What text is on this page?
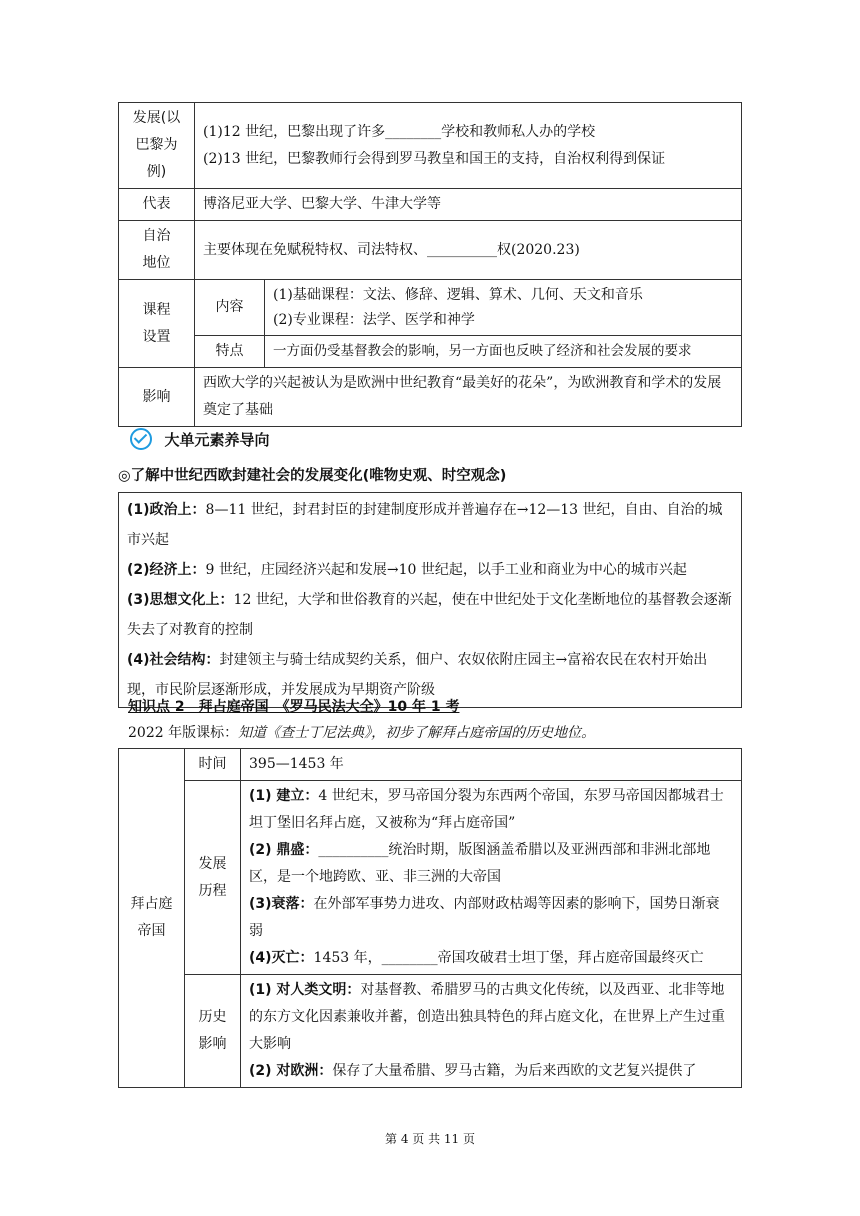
发展(以巴黎为例)	(1)12 世纪，巴黎出现了许多________学校和教师私人办的学校
(2)13 世纪，巴黎教师行会得到罗马教皇和国王的支持，自治权利得到保证	

代表	博洛尼亚大学、巴黎大学、牛津大学等	
自治地位	主要体现在免赋税特权、司法特权、__________权(2020.23)	
课程设置	内容	(1)基础课程：文法、修辞、逻辑、算术、几何、天文和音乐
(2)专业课程：法学、医学和神学

	特点	一方面仍受基督教会的影响，另一方面也反映了经济和社会发展的要求
影响	西欧大学的兴起被认为是欧洲中世纪教育“最美好的花朵”，为欧洲教育和学术的发展奠定了基础	
大单元素养导向
◎了解中世纪西欧封建社会的发展变化(唯物史观、时空观念)
(1)政治上：8—11 世纪，封君封臣的封建制度形成并普遍存在→12—13 世纪，自由、自治的城市兴起
(2)经济上：9 世纪，庄园经济兴起和发展→10 世纪起，以手工业和商业为中心的城市兴起
(3)思想文化上：12 世纪，大学和世俗教育的兴起，使在中世纪处于文化垄断地位的基督教会逐渐失去了对教育的控制
(4)社会结构：封建领主与骑士结成契约关系，佃户、农奴依附庄园主→富裕农民在农村开始出现，市民阶层逐渐形成，并发展成为早期资产阶级
知识点 2　拜占庭帝国　《罗马民法大全》10 年 1 考
2022 年版课标：知道《查士丁尼法典》，初步了解拜占庭帝国的历史地位。
拜占庭帝国	时间	395—1453 年
	发展历程	(1) 建立：4 世纪末，罗马帝国分裂为东西两个帝国，东罗马帝国因都城君士坦丁堡旧名拜占庭，又被称为“拜占庭帝国”
(2) 鼎盛：__________统治时期，版图涵盖希腊以及亚洲西部和非洲北部地区，是一个地跨欧、亚、非三洲的大帝国
(3)衰落：在外部军事势力进攻、内部财政枯竭等因素的影响下，国势日渐衰弱
(4)灭亡：1453 年，________帝国攻破君士坦丁堡，拜占庭帝国最终灭亡

	历史影响	(1) 对人类文明：对基督教、希腊罗马的古典文化传统，以及西亚、北非等地的东方文化因素兼收并蓄，创造出独具特色的拜占庭文化，在世界上产生过重大影响
(2) 对欧洲：保存了大量希腊、罗马古籍，为后来西欧的文艺复兴提供了
第 4 页 共 11 页
